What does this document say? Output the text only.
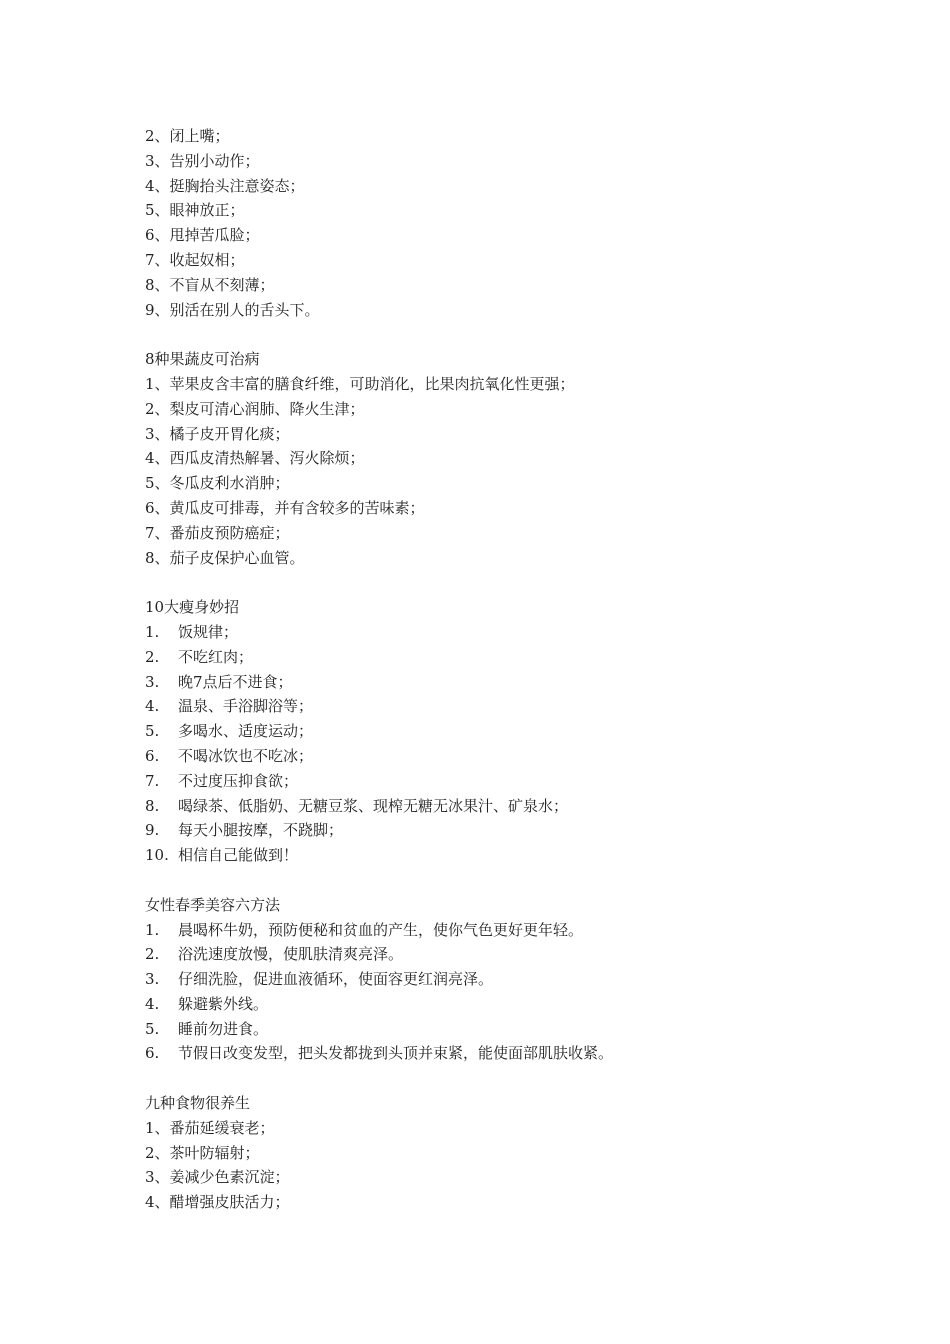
2、闭上嘴；
3、告别小动作；
4、挺胸抬头注意姿态；
5、眼神放正；
6、甩掉苦瓜脸；
7、收起奴相；
8、不盲从不刻薄；
9、别活在别人的舌头下。
8种果蔬皮可治病
1、苹果皮含丰富的膳食纤维，可助消化，比果肉抗氧化性更强；
2、梨皮可清心润肺、降火生津；
3、橘子皮开胃化痰；
4、西瓜皮清热解暑、泻火除烦；
5、冬瓜皮利水消肿；
6、黄瓜皮可排毒，并有含较多的苦味素；
7、番茄皮预防癌症；
8、茄子皮保护心血管。
10大瘦身妙招
1. 饭规律；
2. 不吃红肉；
3. 晚7点后不进食；
4. 温泉、手浴脚浴等；
5. 多喝水、适度运动；
6. 不喝冰饮也不吃冰；
7. 不过度压抑食欲；
8. 喝绿茶、低脂奶、无糖豆浆、现榨无糖无冰果汁、矿泉水；
9. 每天小腿按摩，不跷脚；
10. 相信自己能做到！
女性春季美容六方法
1. 晨喝杯牛奶，预防便秘和贫血的产生，使你气色更好更年轻。
2. 浴洗速度放慢，使肌肤清爽亮泽。
3. 仔细洗脸，促进血液循环，使面容更红润亮泽。
4. 躲避紫外线。
5. 睡前勿进食。
6. 节假日改变发型，把头发都拢到头顶并束紧，能使面部肌肤收紧。
九种食物很养生
1、番茄延缓衰老；
2、茶叶防辐射；
3、姜减少色素沉淀；
4、醋增强皮肤活力；
